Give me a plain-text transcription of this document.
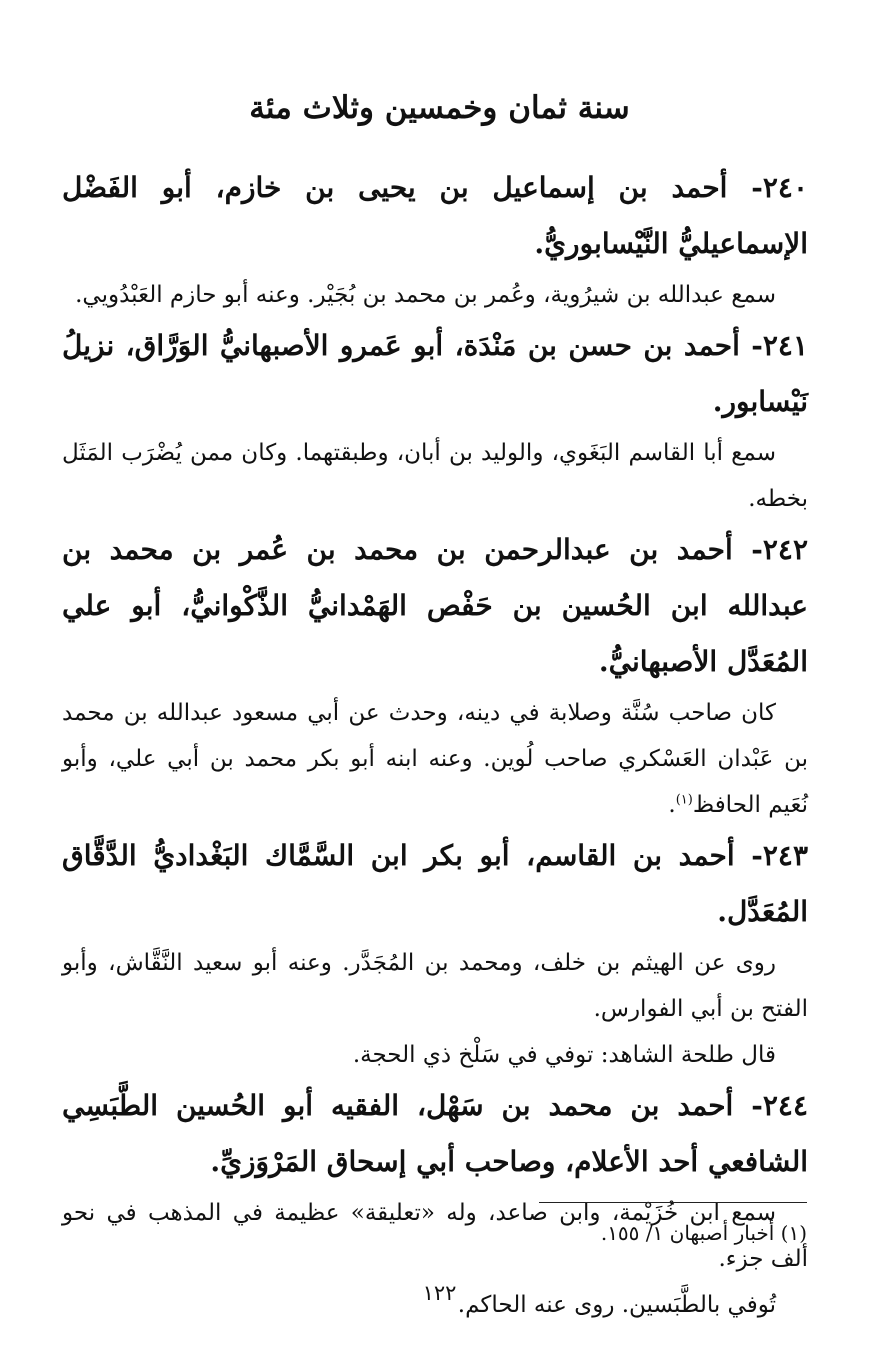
سنة ثمان وخمسين وثلاث مئة

٢٤٠- أحمد بن إسماعيل بن يحيى بن خازم، أبو الفَضْل الإسماعيليُّ النَّيْسابوريُّ.

سمع عبدالله بن شيرُوية، وعُمر بن محمد بن بُجَيْر. وعنه أبو حازم العَبْدُويي.

٢٤١- أحمد بن حسن بن مَنْدَة، أبو عَمرو الأصبهانيُّ الوَرَّاق، نزيلُ نَيْسابور.

سمع أبا القاسم البَغَوي، والوليد بن أبان، وطبقتهما. وكان ممن يُضْرَب المَثَل بخطه.

٢٤٢- أحمد بن عبدالرحمن بن محمد بن عُمر بن محمد بن عبدالله ابن الحُسين بن حَفْص الهَمْدانيُّ الذَّكْوانيُّ، أبو علي المُعَدَّل الأصبهانيُّ.

كان صاحب سُنَّة وصلابة في دينه، وحدث عن أبي مسعود عبدالله بن محمد بن عَبْدان العَسْكري صاحب لُوين. وعنه ابنه أبو بكر محمد بن أبي علي، وأبو نُعَيم الحافظ$^{(١)}$.

٢٤٣- أحمد بن القاسم، أبو بكر ابن السَّمَّاك البَغْداديُّ الدَّقَّاق المُعَدَّل.

روى عن الهيثم بن خلف، ومحمد بن المُجَدَّر. وعنه أبو سعيد النَّقَّاش، وأبو الفتح بن أبي الفوارس.

قال طلحة الشاهد: توفي في سَلْخ ذي الحجة.

٢٤٤- أحمد بن محمد بن سَهْل، الفقيه أبو الحُسين الطَّبَسِي الشافعي أحد الأعلام، وصاحب أبي إسحاق المَرْوَزيِّ.

سمع ابن خُزَيْمة، وابن صاعد، وله «تعليقة» عظيمة في المذهب في نحو ألف جزء.

تُوفي بالطَّبَسين. روى عنه الحاكم.

(١) أخبار أصبهان ١/ ١٥٥.
١٢٢
